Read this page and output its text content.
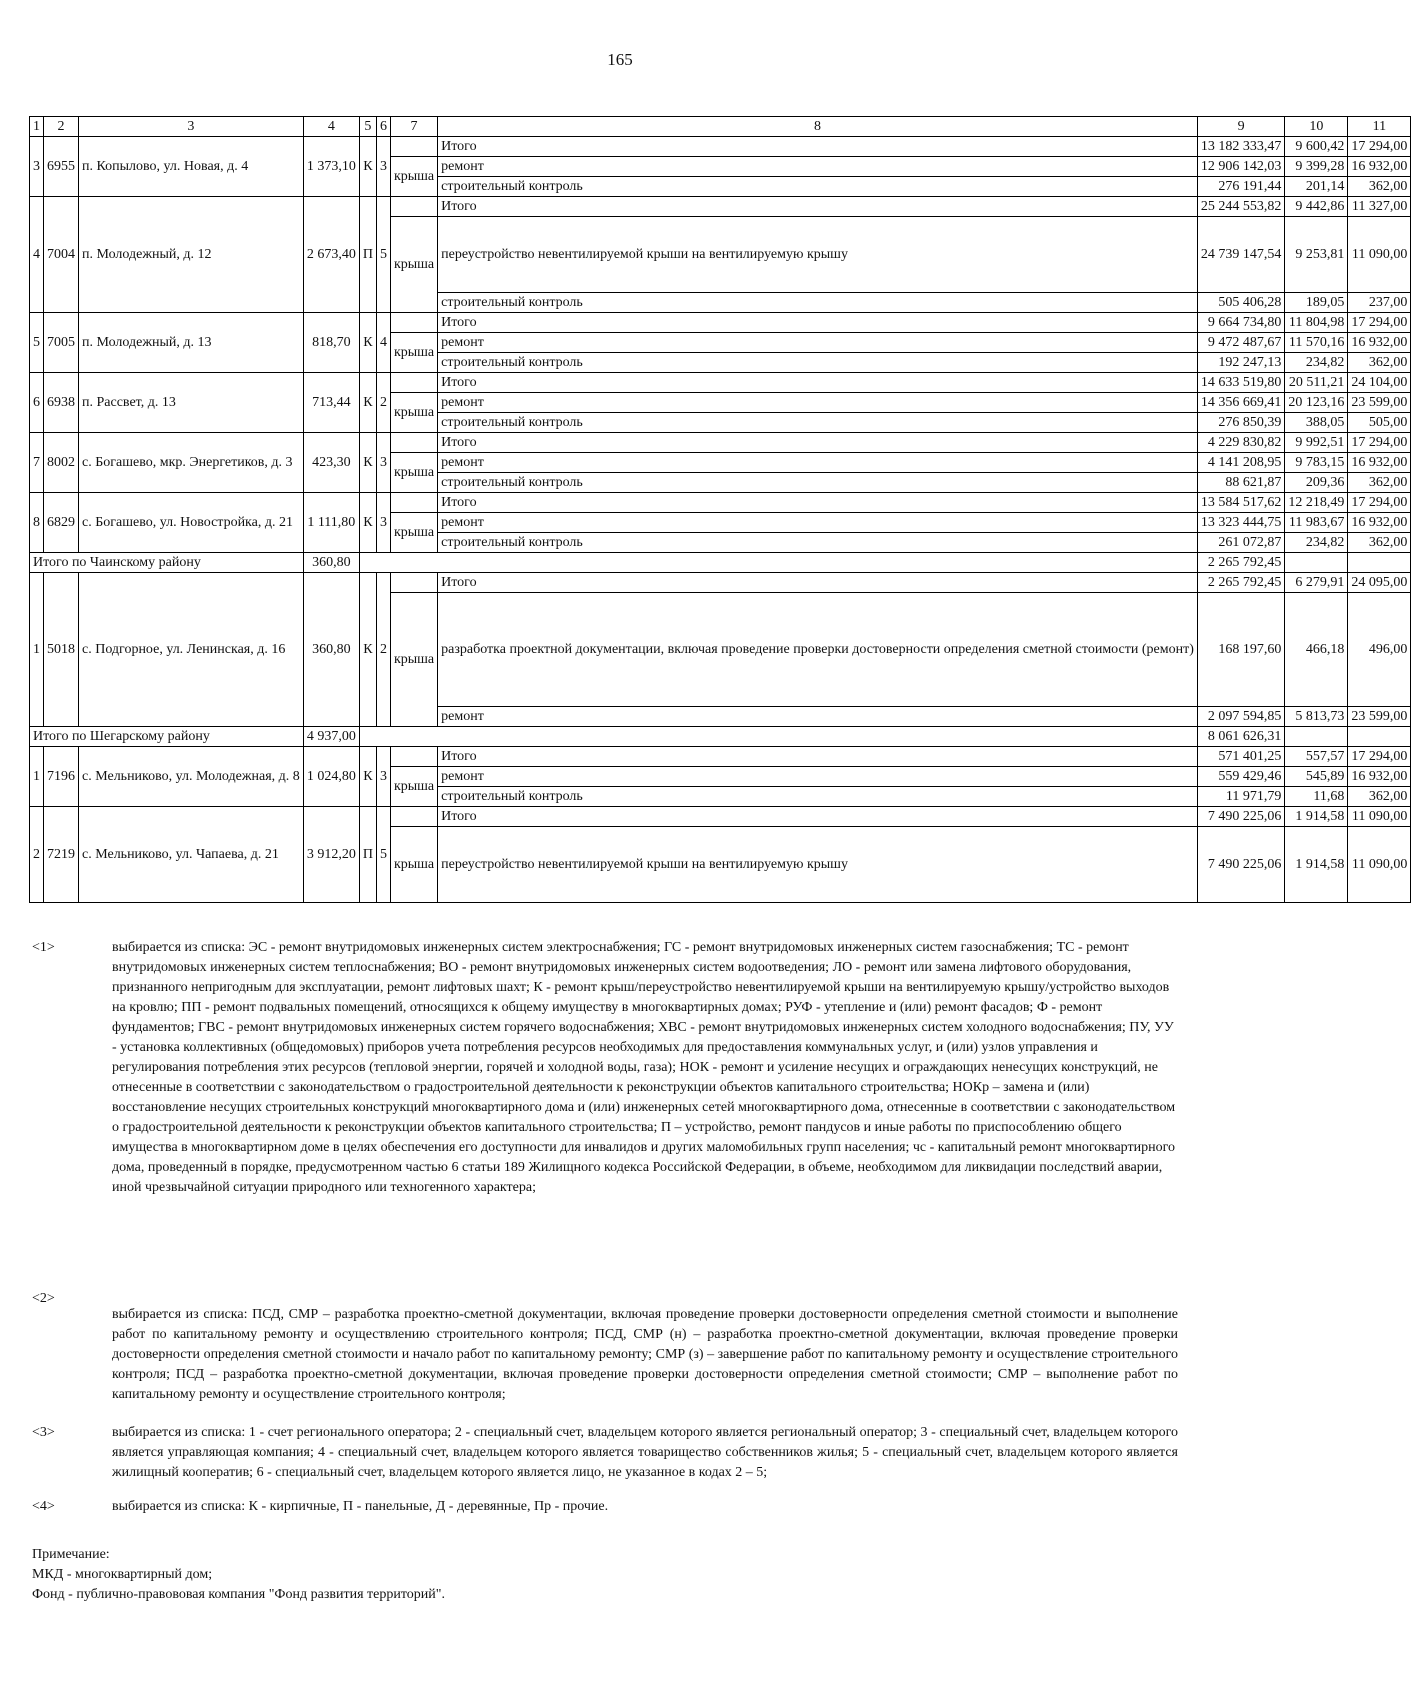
165
1	2	3	4	5	6	7	8	9	10	11
3	6955	п. Копылово, ул. Новая, д. 4	1 373,10	К	3		Итого	13 182 333,47	9 600,42	17 294,00
						крыша	ремонт	12 906 142,03	9 399,28	16 932,00
							строительный контроль	276 191,44	201,14	362,00
4	7004	п. Молодежный, д. 12	2 673,40	П	5		Итого	25 244 553,82	9 442,86	11 327,00
						крыша	переустройство невентилируемой крыши на вентилируемую крышу	24 739 147,54	9 253,81	11 090,00
							строительный контроль	505 406,28	189,05	237,00
5	7005	п. Молодежный, д. 13	818,70	К	4		Итого	9 664 734,80	11 804,98	17 294,00
						крыша	ремонт	9 472 487,67	11 570,16	16 932,00
							строительный контроль	192 247,13	234,82	362,00
6	6938	п. Рассвет, д. 13	713,44	К	2		Итого	14 633 519,80	20 511,21	24 104,00
						крыша	ремонт	14 356 669,41	20 123,16	23 599,00
							строительный контроль	276 850,39	388,05	505,00
7	8002	с. Богашево, мкр. Энергетиков, д. 3	423,30	К	3		Итого	4 229 830,82	9 992,51	17 294,00
						крыша	ремонт	4 141 208,95	9 783,15	16 932,00
							строительный контроль	88 621,87	209,36	362,00
8	6829	с. Богашево, ул. Новостройка, д. 21	1 111,80	К	3		Итого	13 584 517,62	12 218,49	17 294,00
						крыша	ремонт	13 323 444,75	11 983,67	16 932,00
							строительный контроль	261 072,87	234,82	362,00
Итого по Чаинскому району			360,80					2 265 792,45		
1	5018	с. Подгорное, ул. Ленинская, д. 16	360,80	К	2		Итого	2 265 792,45	6 279,91	24 095,00
						крыша	разработка проектной документации, включая проведение проверки достоверности определения сметной стоимости (ремонт)	168 197,60	466,18	496,00
							ремонт	2 097 594,85	5 813,73	23 599,00
Итого по Шегарскому району			4 937,00					8 061 626,31		
1	7196	с. Мельниково, ул. Молодежная, д. 8	1 024,80	К	3		Итого	571 401,25	557,57	17 294,00
						крыша	ремонт	559 429,46	545,89	16 932,00
							строительный контроль	11 971,79	11,68	362,00
2	7219	с. Мельниково, ул. Чапаева, д. 21	3 912,20	П	5		Итого	7 490 225,06	1 914,58	11 090,00
						крыша	переустройство невентилируемой крыши на вентилируемую крышу	7 490 225,06	1 914,58	11 090,00
<1>	выбирается из списка: ЭС - ремонт внутридомовых инженерных систем электроснабжения; ГС - ремонт внутридомовых инженерных систем газоснабжения; ТС - ремонт внутридомовых инженерных систем теплоснабжения; ВО - ремонт внутридомовых инженерных систем водоотведения; ЛО - ремонт или замена лифтового оборудования, признанного непригодным для эксплуатации, ремонт лифтовых шахт; К - ремонт крыш/переустройство невентилируемой крыши на вентилируемую крышу/устройство выходов на кровлю; ПП - ремонт подвальных помещений, относящихся к общему имуществу в многоквартирных домах; РУФ - утепление и (или) ремонт фасадов; Ф - ремонт фундаментов; ГВС - ремонт внутридомовых инженерных систем горячего водоснабжения; ХВС - ремонт внутридомовых инженерных систем холодного водоснабжения; ПУ, УУ - установка коллективных (общедомовых) приборов учета потребления ресурсов необходимых для предоставления коммунальных услуг, и (или) узлов управления и регулирования потребления этих ресурсов (тепловой энергии, горячей и холодной воды, газа); НОК - ремонт и усиление несущих и ограждающих ненесущих конструкций, не отнесенные в соответствии с законодательством о градостроительной деятельности к реконструкции объектов капитального строительства; НОКр – замена и (или) восстановление несущих строительных конструкций многоквартирного дома и (или) инженерных сетей многоквартирного дома, отнесенные в соответствии с законодательством о градостроительной деятельности к реконструкции объектов капитального строительства; П – устройство, ремонт пандусов и иные работы по приспособлению общего имущества в многоквартирном доме в целях обеспечения его доступности для инвалидов и других маломобильных групп населения; чс - капитальный ремонт многоквартирного дома, проведенный в порядке, предусмотренном частью 6 статьи 189 Жилищного кодекса Российской Федерации, в объеме, необходимом для ликвидации последствий аварии, иной чрезвычайной ситуации природного или техногенного характера;
<2>
выбирается из списка: ПСД, СМР – разработка проектно-сметной документации, включая проведение проверки достоверности определения сметной стоимости и выполнение работ по капитальному ремонту и осуществлению строительного контроля; ПСД, СМР (н) – разработка проектно-сметной документации, включая проведение проверки достоверности определения сметной стоимости и начало работ по капитальному ремонту; СМР (з) – завершение работ по капитальному ремонту и осуществление строительного контроля; ПСД – разработка проектно-сметной документации, включая проведение проверки достоверности определения сметной стоимости; СМР – выполнение работ по капитальному ремонту и осуществление строительного контроля;
<3>	выбирается из списка: 1 - счет регионального оператора; 2 - специальный счет, владельцем которого является региональный оператор; 3 - специальный счет, владельцем которого является управляющая компания; 4 - специальный счет, владельцем которого является товарищество собственников жилья; 5 - специальный счет, владельцем которого является жилищный кооператив; 6 - специальный счет, владельцем которого является лицо, не указанное в кодах 2 – 5;
<4>	выбирается из списка: К - кирпичные, П - панельные, Д - деревянные, Пр - прочие.
Примечание:
МКД - многоквартирный дом;
Фонд - публично-правововая компания "Фонд развития территорий".
